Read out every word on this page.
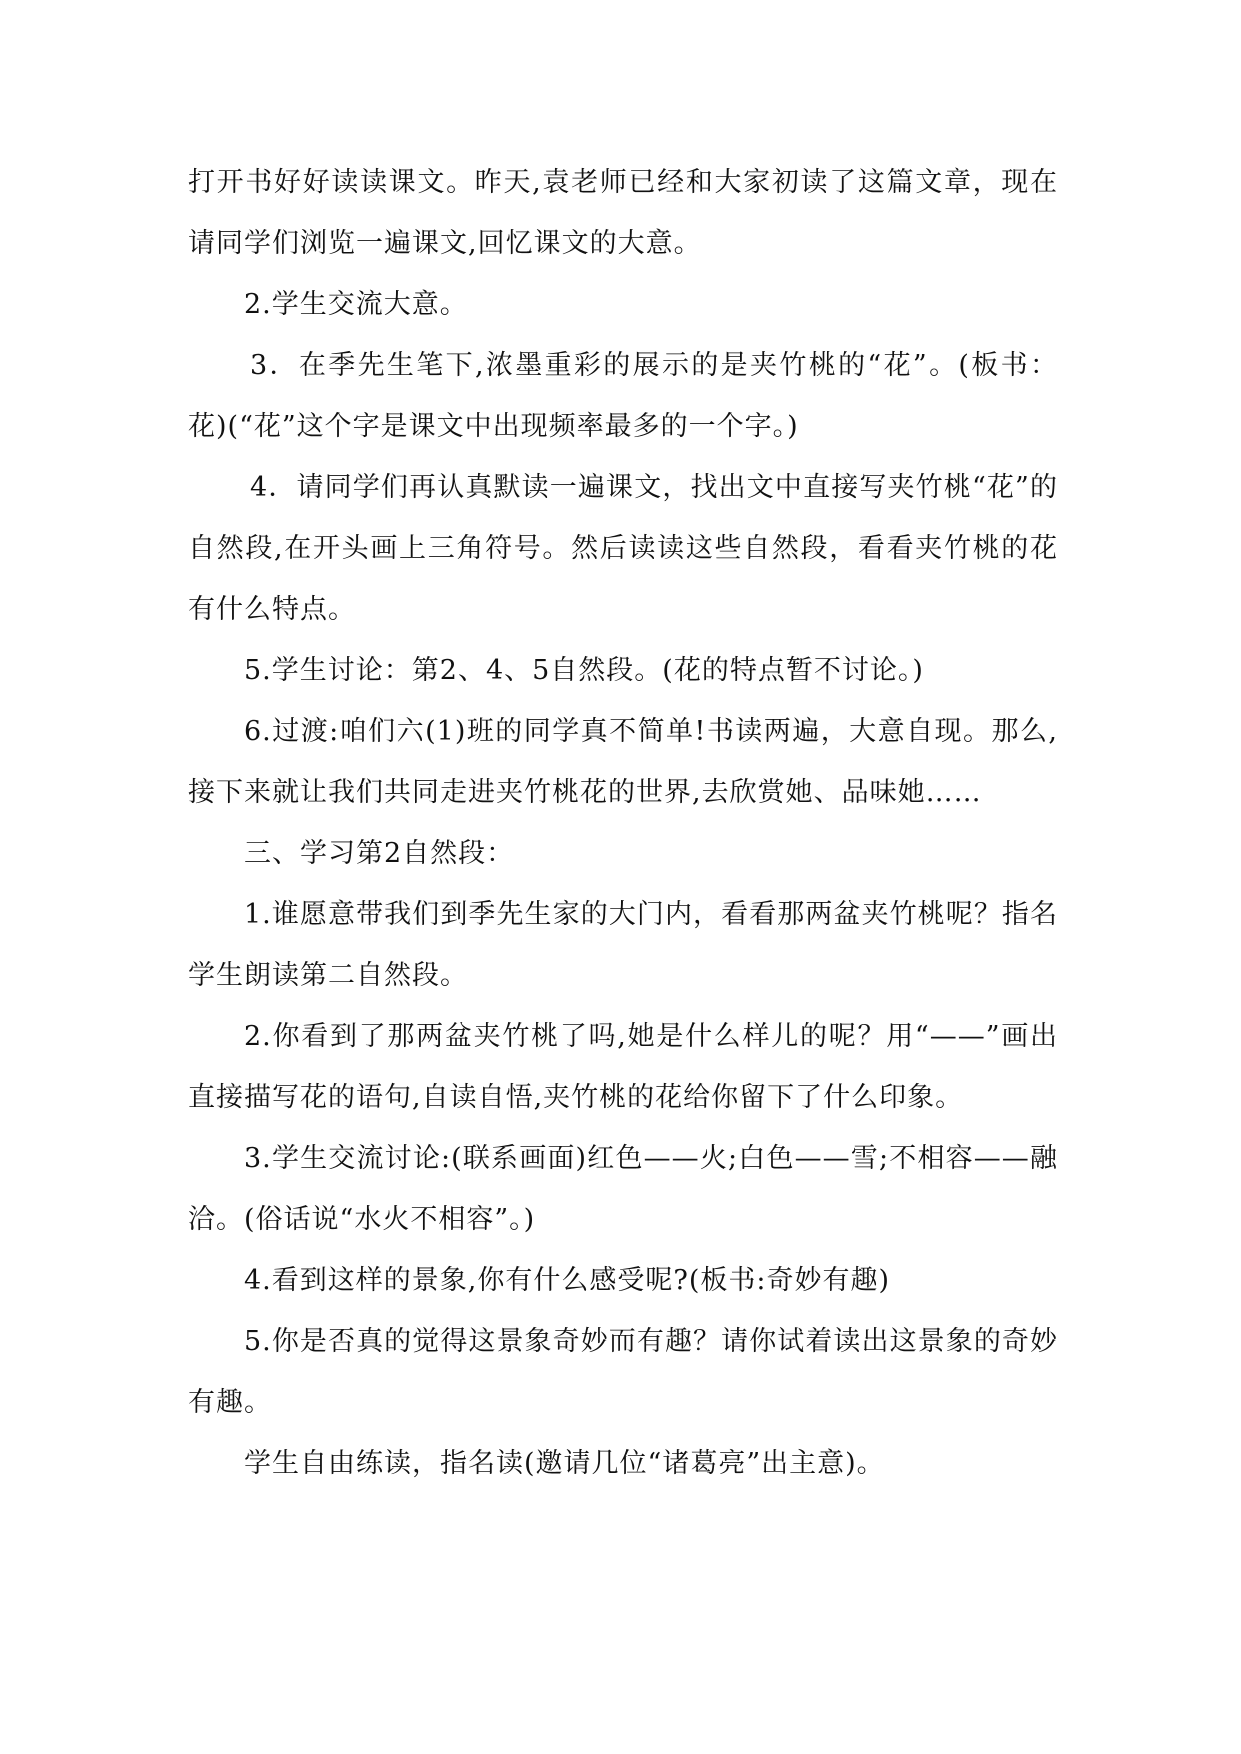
打开书好好读读课文。昨天,袁老师已经和大家初读了这篇文章，现在请同学们浏览一遍课文,回忆课文的大意。

2.学生交流大意。

3．在季先生笔下,浓墨重彩的展示的是夹竹桃的“花”。(板书：花)(“花”这个字是课文中出现频率最多的一个字。)

4．请同学们再认真默读一遍课文，找出文中直接写夹竹桃“花”的自然段,在开头画上三角符号。然后读读这些自然段，看看夹竹桃的花有什么特点。

5.学生讨论：第2、4、5自然段。(花的特点暂不讨论。)

6.过渡:咱们六(1)班的同学真不简单!书读两遍，大意自现。那么,接下来就让我们共同走进夹竹桃花的世界,去欣赏她、品味她……

三、学习第2自然段：

1.谁愿意带我们到季先生家的大门内，看看那两盆夹竹桃呢？指名学生朗读第二自然段。

2.你看到了那两盆夹竹桃了吗,她是什么样儿的呢？用“——”画出直接描写花的语句,自读自悟,夹竹桃的花给你留下了什么印象。

3.学生交流讨论:(联系画面)红色——火;白色——雪;不相容——融洽。(俗话说“水火不相容”。)

4.看到这样的景象,你有什么感受呢?(板书:奇妙有趣)

5.你是否真的觉得这景象奇妙而有趣？请你试着读出这景象的奇妙有趣。

学生自由练读，指名读(邀请几位“诸葛亮”出主意)。
